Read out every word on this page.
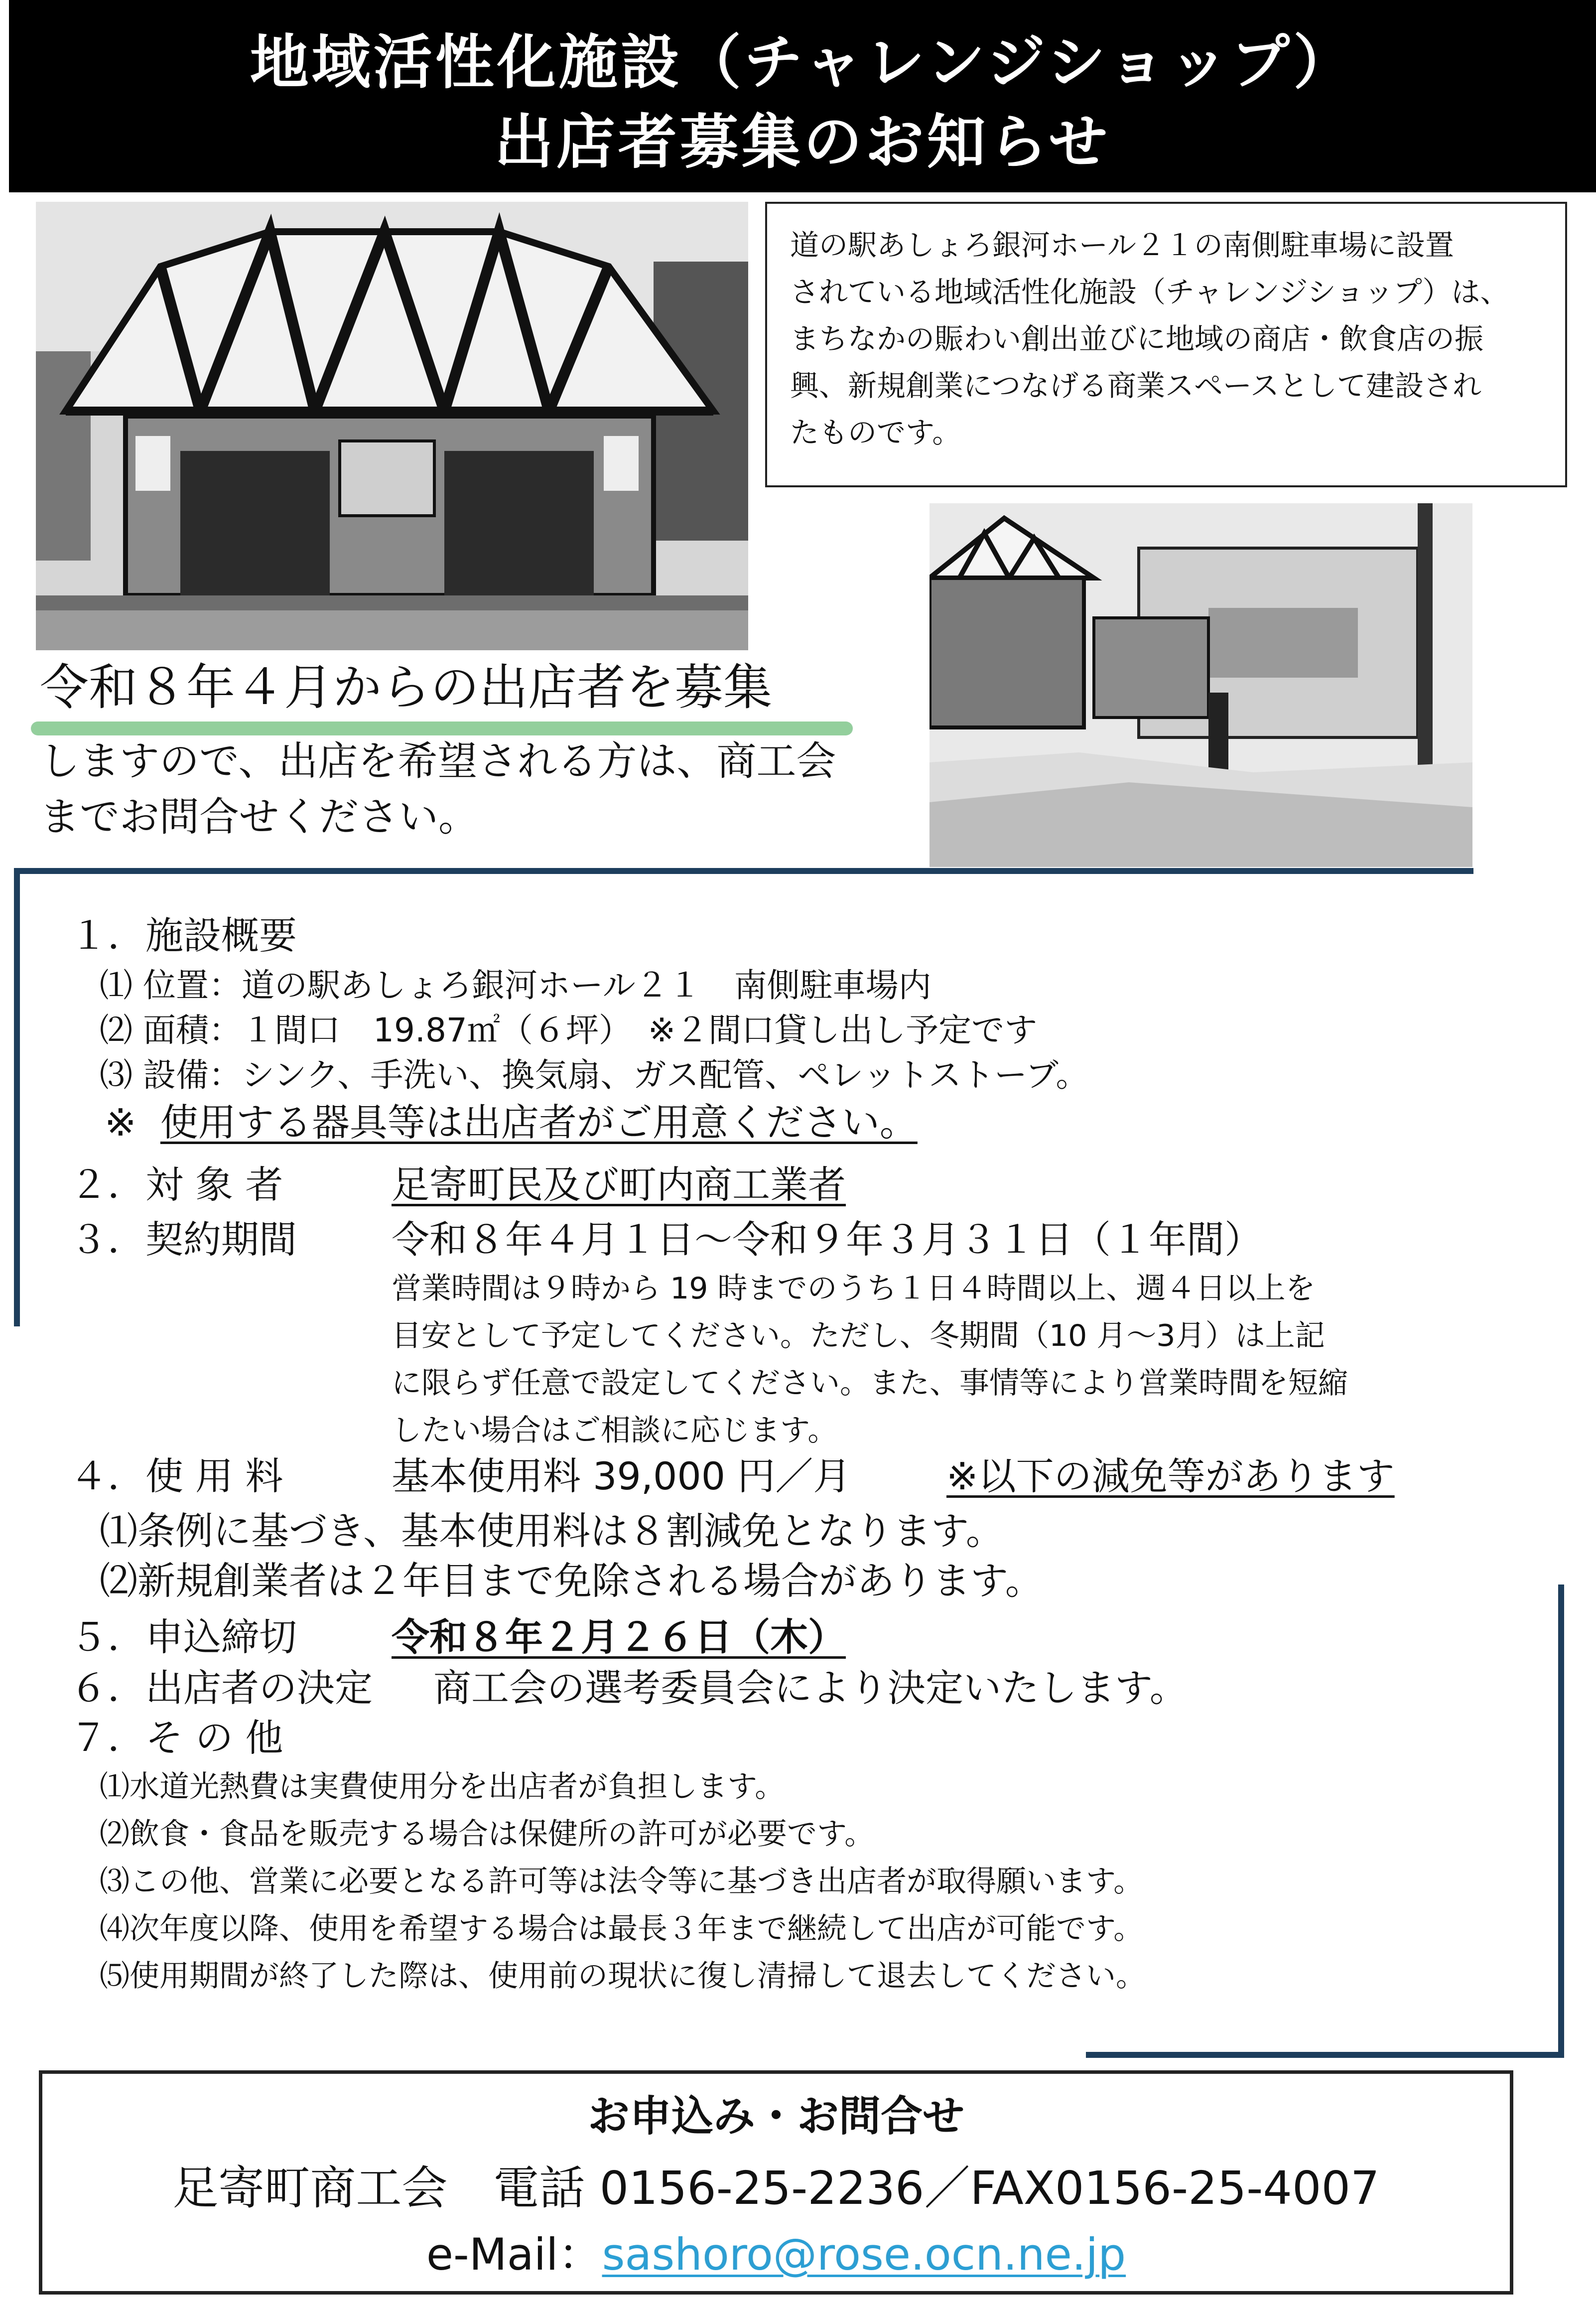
地域活性化施設（チャレンジショップ）
出店者募集のお知らせ
道の駅あしょろ銀河ホール２１の南側駐車場に設置
されている地域活性化施設（チャレンジショップ）は、
まちなかの賑わい創出並びに地域の商店・飲食店の振
興、新規創業につなげる商業スペースとして建設され
たものです。
令和８年４月からの出店者を募集
しますので、出店を希望される方は、商工会
までお問合せください。
１．施設概要
⑴ 位置：道の駅あしょろ銀河ホール２１　南側駐車場内
⑵ 面積：１間口　19.87㎡（６坪）　※２間口貸し出し予定です
⑶ 設備：シンク、手洗い、換気扇、ガス配管、ペレットストーブ。
※ 使用する器具等は出店者がご用意ください。
２．対 象 者	足寄町民及び町内商工業者
３．契約期間	令和８年４月１日～令和９年３月３１日（１年間）
営業時間は９時から 19 時までのうち１日４時間以上、週４日以上を
目安として予定してください。ただし、冬期間（10 月～3月）は上記
に限らず任意で設定してください。また、事情等により営業時間を短縮
したい場合はご相談に応じます。
４．使 用 料	基本使用料 39,000 円／月	※以下の減免等があります
⑴条例に基づき、基本使用料は８割減免となります。
⑵新規創業者は２年目まで免除される場合があります。
５．申込締切	令和８年２月２６日（木）
６．出店者の決定 商工会の選考委員会により決定いたします。
７．そ の 他
⑴水道光熱費は実費使用分を出店者が負担します。
⑵飲食・食品を販売する場合は保健所の許可が必要です。
⑶この他、営業に必要となる許可等は法令等に基づき出店者が取得願います。
⑷次年度以降、使用を希望する場合は最長３年まで継続して出店が可能です。
⑸使用期間が終了した際は、使用前の現状に復し清掃して退去してください。
お申込み・お問合せ
足寄町商工会　電話 0156-25-2236／FAX0156-25-4007
e-Mail：sashoro@rose.ocn.ne.jp
